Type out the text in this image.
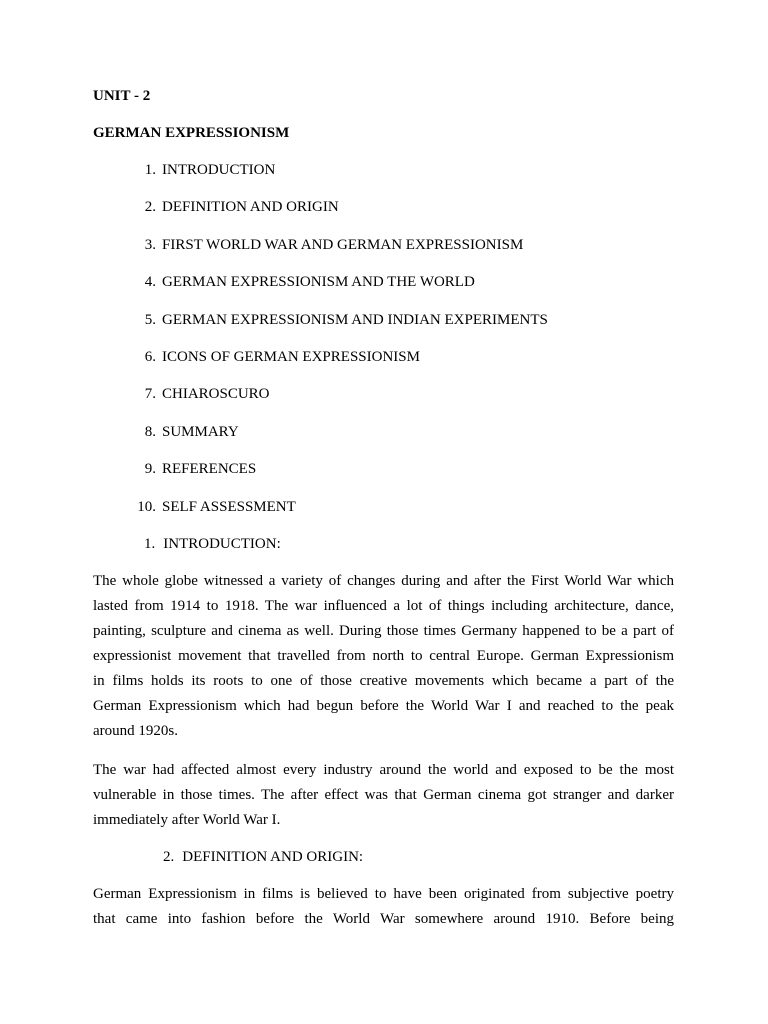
UNIT - 2
GERMAN EXPRESSIONISM
1. INTRODUCTION
2. DEFINITION AND ORIGIN
3. FIRST WORLD WAR AND GERMAN EXPRESSIONISM
4. GERMAN EXPRESSIONISM AND THE WORLD
5. GERMAN EXPRESSIONISM AND INDIAN EXPERIMENTS
6. ICONS OF GERMAN EXPRESSIONISM
7. CHIAROSCURO
8. SUMMARY
9. REFERENCES
10. SELF ASSESSMENT
1. INTRODUCTION:
The whole globe witnessed a variety of changes during and after the First World War which
lasted from 1914 to 1918. The war influenced a lot of things including architecture, dance,
painting, sculpture and cinema as well. During those times Germany happened to be a part of
expressionist movement that travelled from north to central Europe. German Expressionism
in films holds its roots to one of those creative movements which became a part of the
German Expressionism which had begun before the World War I and reached to the peak
around 1920s.
The war had affected almost every industry around the world and exposed to be the most
vulnerable in those times. The after effect was that German cinema got stranger and darker
immediately after World War I.
2. DEFINITION AND ORIGIN:
German Expressionism in films is believed to have been originated from subjective poetry
that came into fashion before the World War somewhere around 1910. Before being
